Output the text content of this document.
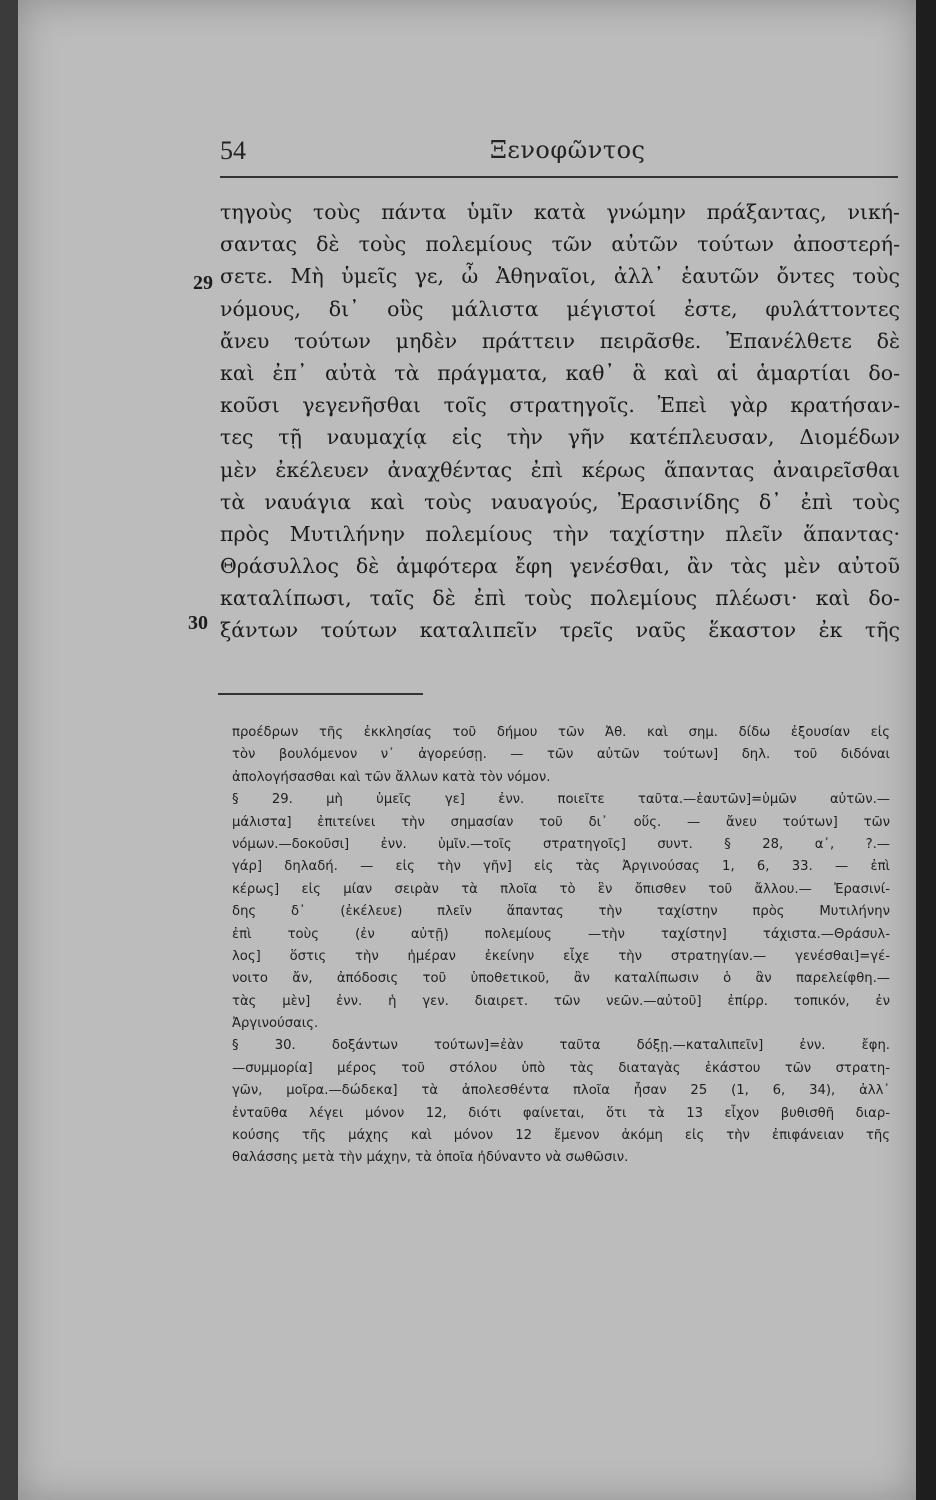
54	Ξενοφῶντος
29
30
τηγοὺς τοὺς πάντα ὑμῖν κατὰ γνώμην πράξαντας, νική-
σαντας δὲ τοὺς πολεμίους τῶν αὐτῶν τούτων ἀποστερή-
σετε. Μὴ ὑμεῖς γε, ὦ Ἀθηναῖοι, ἀλλ᾽ ἑαυτῶν ὄντες τοὺς
νόμους, δι᾽ οὓς μάλιστα μέγιστοί ἐστε, φυλάττοντες
ἄνευ τούτων μηδὲν πράττειν πειρᾶσθε. Ἐπανέλθετε δὲ
καὶ ἐπ᾽ αὐτὰ τὰ πράγματα, καθ᾽ ἃ καὶ αἱ ἁμαρτίαι δο-
κοῦσι γεγενῆσθαι τοῖς στρατηγοῖς. Ἐπεὶ γὰρ κρατήσαν-
τες τῇ ναυμαχίᾳ εἰς τὴν γῆν κατέπλευσαν, Διομέδων
μὲν ἐκέλευεν ἀναχθέντας ἐπὶ κέρως ἅπαντας ἀναιρεῖσθαι
τὰ ναυάγια καὶ τοὺς ναυαγούς, Ἐρασινίδης δ᾽ ἐπὶ τοὺς
πρὸς Μυτιλήνην πολεμίους τὴν ταχίστην πλεῖν ἅπαντας·
Θράσυλλος δὲ ἀμφότερα ἔφη γενέσθαι, ἂν τὰς μὲν αὐτοῦ
καταλίπωσι, ταῖς δὲ ἐπὶ τοὺς πολεμίους πλέωσι· καὶ δο-
ξάντων τούτων καταλιπεῖν τρεῖς ναῦς ἕκαστον ἐκ τῆς
προέδρων τῆς ἐκκλησίας τοῦ δήμου τῶν Ἀθ. καὶ σημ. δίδω ἐξουσίαν εἰς
τὸν βουλόμενον ν᾽ ἀγορεύσῃ. — τῶν αὐτῶν τούτων] δηλ. τοῦ διδόναι
ἀπολογήσασθαι καὶ τῶν ἄλλων κατὰ τὸν νόμον.
§ 29. μὴ ὑμεῖς γε] ἐνν. ποιεῖτε ταῦτα.—ἑαυτῶν]=ὑμῶν αὐτῶν.—
μάλιστα] ἐπιτείνει τὴν σημασίαν τοῦ δι᾽ οὕς. — ἄνευ τούτων] τῶν
νόμων.—δοκοῦσι] ἐνν. ὑμῖν.—τοῖς στρατηγοῖς] συντ. § 28, α᾽, ?.—
γάρ] δηλαδή. — εἰς τὴν γῆν] εἰς τὰς Ἀργινούσας 1, 6, 33. — ἐπὶ
κέρως] εἰς μίαν σειρὰν τὰ πλοῖα τὸ ἓν ὄπισθεν τοῦ ἄλλου.— Ἐρασινί-
δης δ᾽ (ἐκέλευε) πλεῖν ἅπαντας τὴν ταχίστην πρὸς Μυτιλήνην
ἐπὶ τοὺς (ἐν αὐτῇ) πολεμίους —τὴν ταχίστην] τάχιστα.—Θράσυλ-
λος] ὅστις τὴν ἡμέραν ἐκείνην εἶχε τὴν στρατηγίαν.— γενέσθαι]=γέ-
νοιτο ἄν, ἀπόδοσις τοῦ ὑποθετικοῦ, ἂν καταλίπωσιν ὁ ἂν παρελείφθη.—
τὰς μὲν] ἐνν. ἡ γεν. διαιρετ. τῶν νεῶν.—αὐτοῦ] ἐπίρρ. τοπικόν, ἐν
Ἀργινούσαις.
§ 30. δοξάντων τούτων]=ἐὰν ταῦτα δόξῃ.—καταλιπεῖν] ἐνν. ἔφη.
—συμμορία] μέρος τοῦ στόλου ὑπὸ τὰς διαταγὰς ἑκάστου τῶν στρατη-
γῶν, μοῖρα.—δώδεκα] τὰ ἀπολεσθέντα πλοῖα ἦσαν 25 (1, 6, 34), ἀλλ᾽
ἐνταῦθα λέγει μόνον 12, διότι φαίνεται, ὅτι τὰ 13 εἶχον βυθισθῆ διαρ-
κούσης τῆς μάχης καὶ μόνον 12 ἔμενον ἀκόμη εἰς τὴν ἐπιφάνειαν τῆς
θαλάσσης μετὰ τὴν μάχην, τὰ ὁποῖα ἠδύναντο νὰ σωθῶσιν.
